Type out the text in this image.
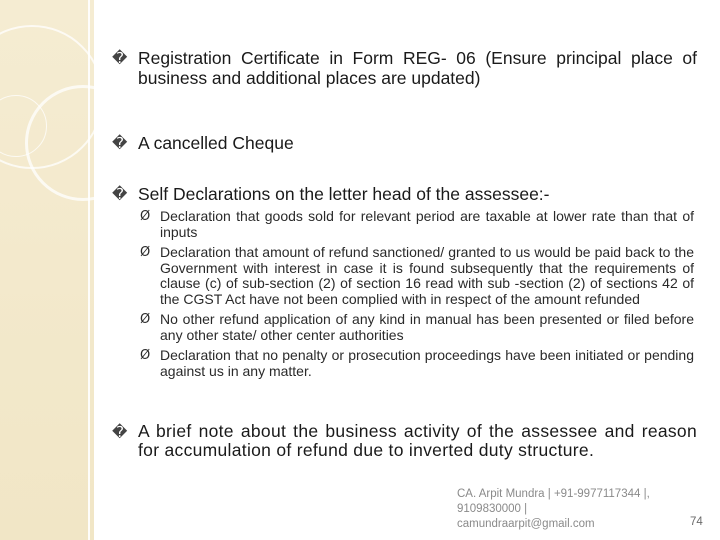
� Registration Certificate in Form REG- 06 (Ensure principal place of business and additional places are updated)
� A cancelled Cheque
� Self Declarations on the letter head of the assessee:-
Ø Declaration that goods sold for relevant period are taxable at lower rate than that of inputs
Ø Declaration that amount of refund sanctioned/ granted to us would be paid back to the Government with interest in case it is found subsequently that the requirements of clause (c) of sub-section (2) of section 16 read with sub -section (2) of sections 42 of the CGST Act have not been complied with in respect of the amount refunded
Ø No other refund application of any kind in manual has been presented or filed before any other state/ other center authorities
Ø Declaration that no penalty or prosecution proceedings have been initiated or pending against us in any matter.
� A brief note about the business activity of the assessee and reason for accumulation of refund due to inverted duty structure.
CA. Arpit Mundra | +91-9977117344 |,
9109830000 |
camundraarpit@gmail.com	74
